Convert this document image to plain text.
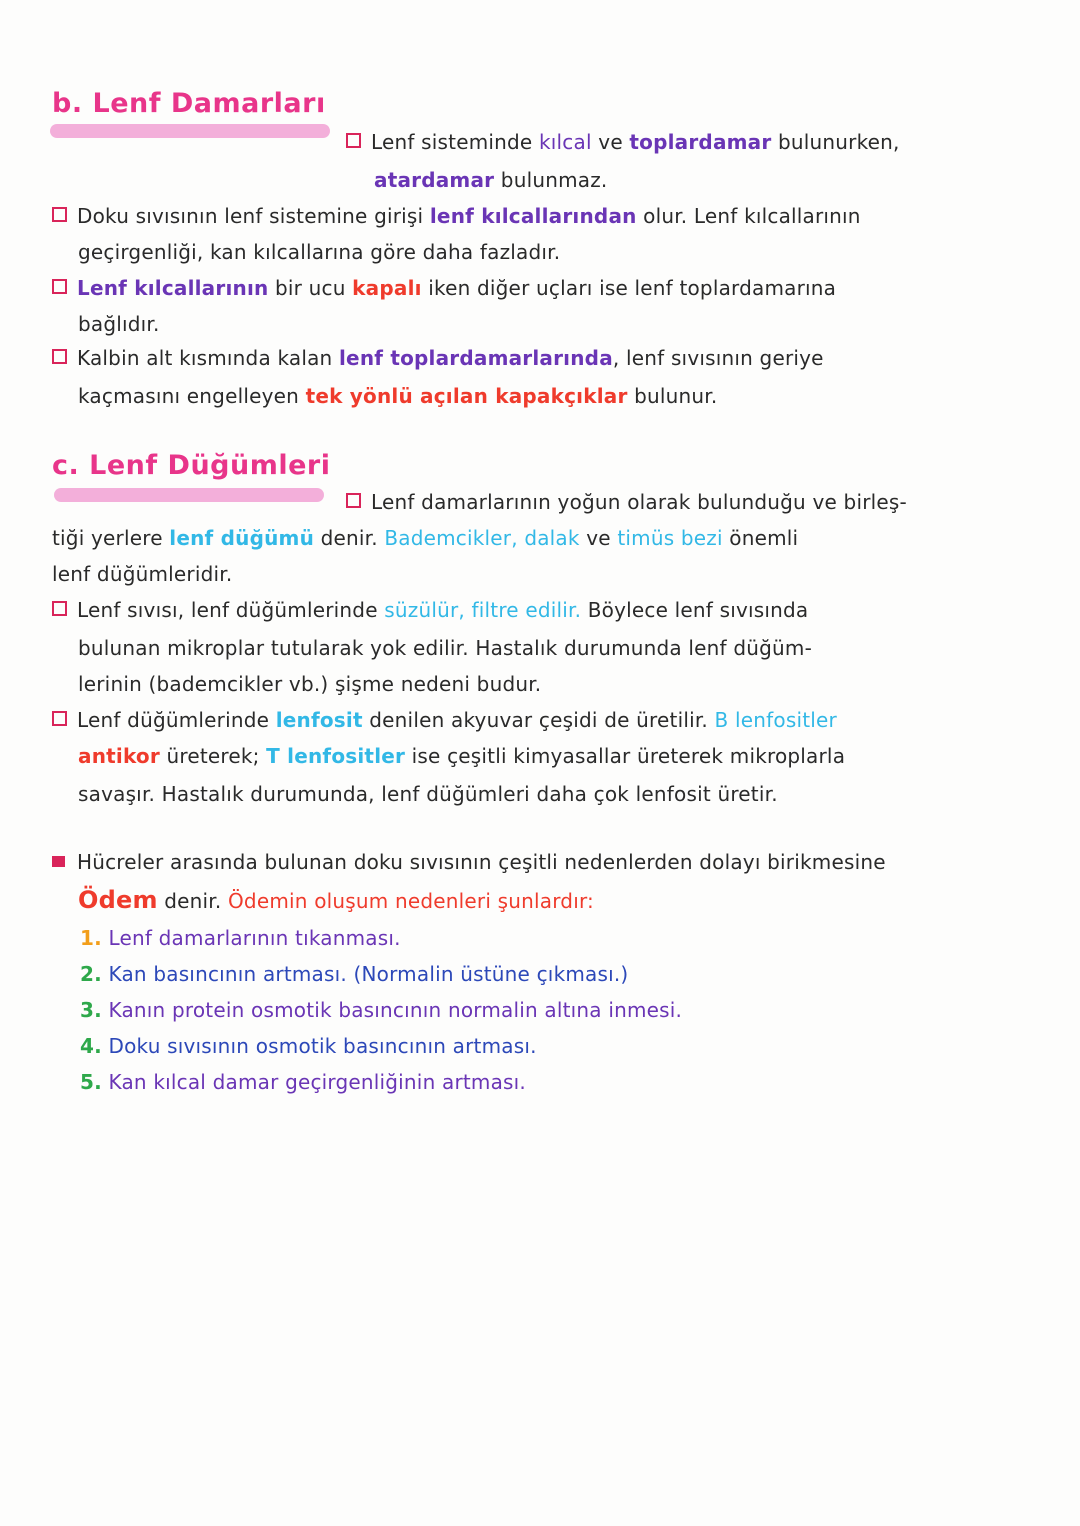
b. Lenf Damarları
Lenf sisteminde kılcal ve toplardamar bulunurken,
atardamar bulunmaz.
Doku sıvısının lenf sistemine girişi lenf kılcallarından olur. Lenf kılcallarının
geçirgenliği, kan kılcallarına göre daha fazladır.
Lenf kılcallarının bir ucu kapalı iken diğer uçları ise lenf toplardamarına
bağlıdır.
Kalbin alt kısmında kalan lenf toplardamarlarında, lenf sıvısının geriye
kaçmasını engelleyen tek yönlü açılan kapakçıklar bulunur.
c. Lenf Düğümleri
Lenf damarlarının yoğun olarak bulunduğu ve birleş-
tiği yerlere lenf düğümü denir. Bademcikler, dalak ve timüs bezi önemli
lenf düğümleridir.
Lenf sıvısı, lenf düğümlerinde süzülür, filtre edilir. Böylece lenf sıvısında
bulunan mikroplar tutularak yok edilir. Hastalık durumunda lenf düğüm-
lerinin (bademcikler vb.) şişme nedeni budur.
Lenf düğümlerinde lenfosit denilen akyuvar çeşidi de üretilir. B lenfositler
antikor üreterek; T lenfositler ise çeşitli kimyasallar üreterek mikroplarla
savaşır. Hastalık durumunda, lenf düğümleri daha çok lenfosit üretir.
Hücreler arasında bulunan doku sıvısının çeşitli nedenlerden dolayı birikmesine
Ödem denir. Ödemin oluşum nedenleri şunlardır:
1. Lenf damarlarının tıkanması.
2. Kan basıncının artması. (Normalin üstüne çıkması.)
3. Kanın protein osmotik basıncının normalin altına inmesi.
4. Doku sıvısının osmotik basıncının artması.
5. Kan kılcal damar geçirgenliğinin artması.
